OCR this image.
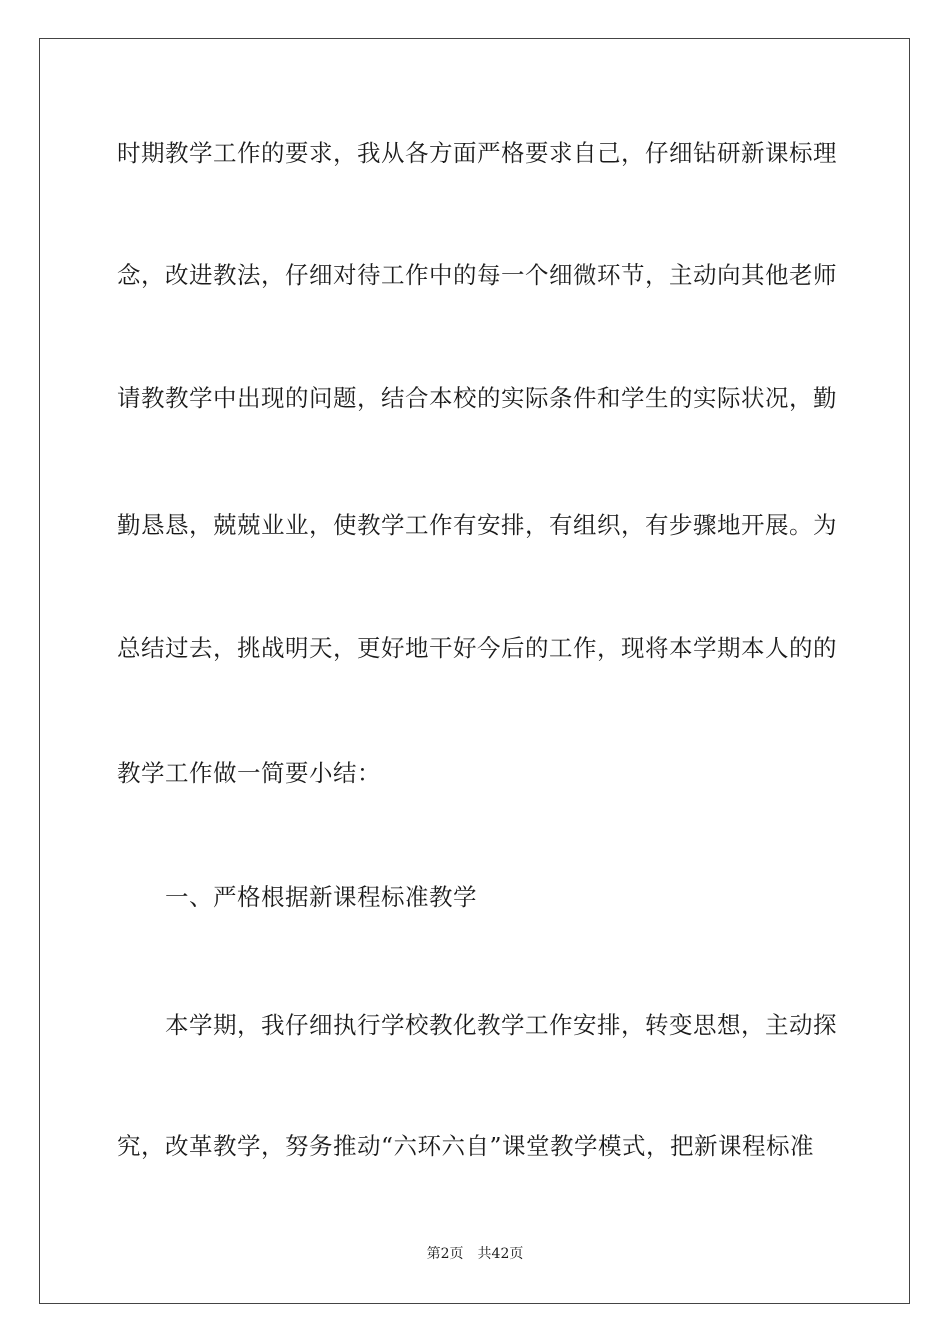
时期教学工作的要求，我从各方面严格要求自己，仔细钻研新课标理
念，改进教法，仔细对待工作中的每一个细微环节，主动向其他老师
请教教学中出现的问题，结合本校的实际条件和学生的实际状况，勤
勤恳恳，兢兢业业，使教学工作有安排，有组织，有步骤地开展。为
总结过去，挑战明天，更好地干好今后的工作，现将本学期本人的的
教学工作做一简要小结：
一、严格根据新课程标准教学
本学期，我仔细执行学校教化教学工作安排，转变思想，主动探
究，改革教学，努务推动“六环六自”课堂教学模式，把新课程标准
第2页 共42页
